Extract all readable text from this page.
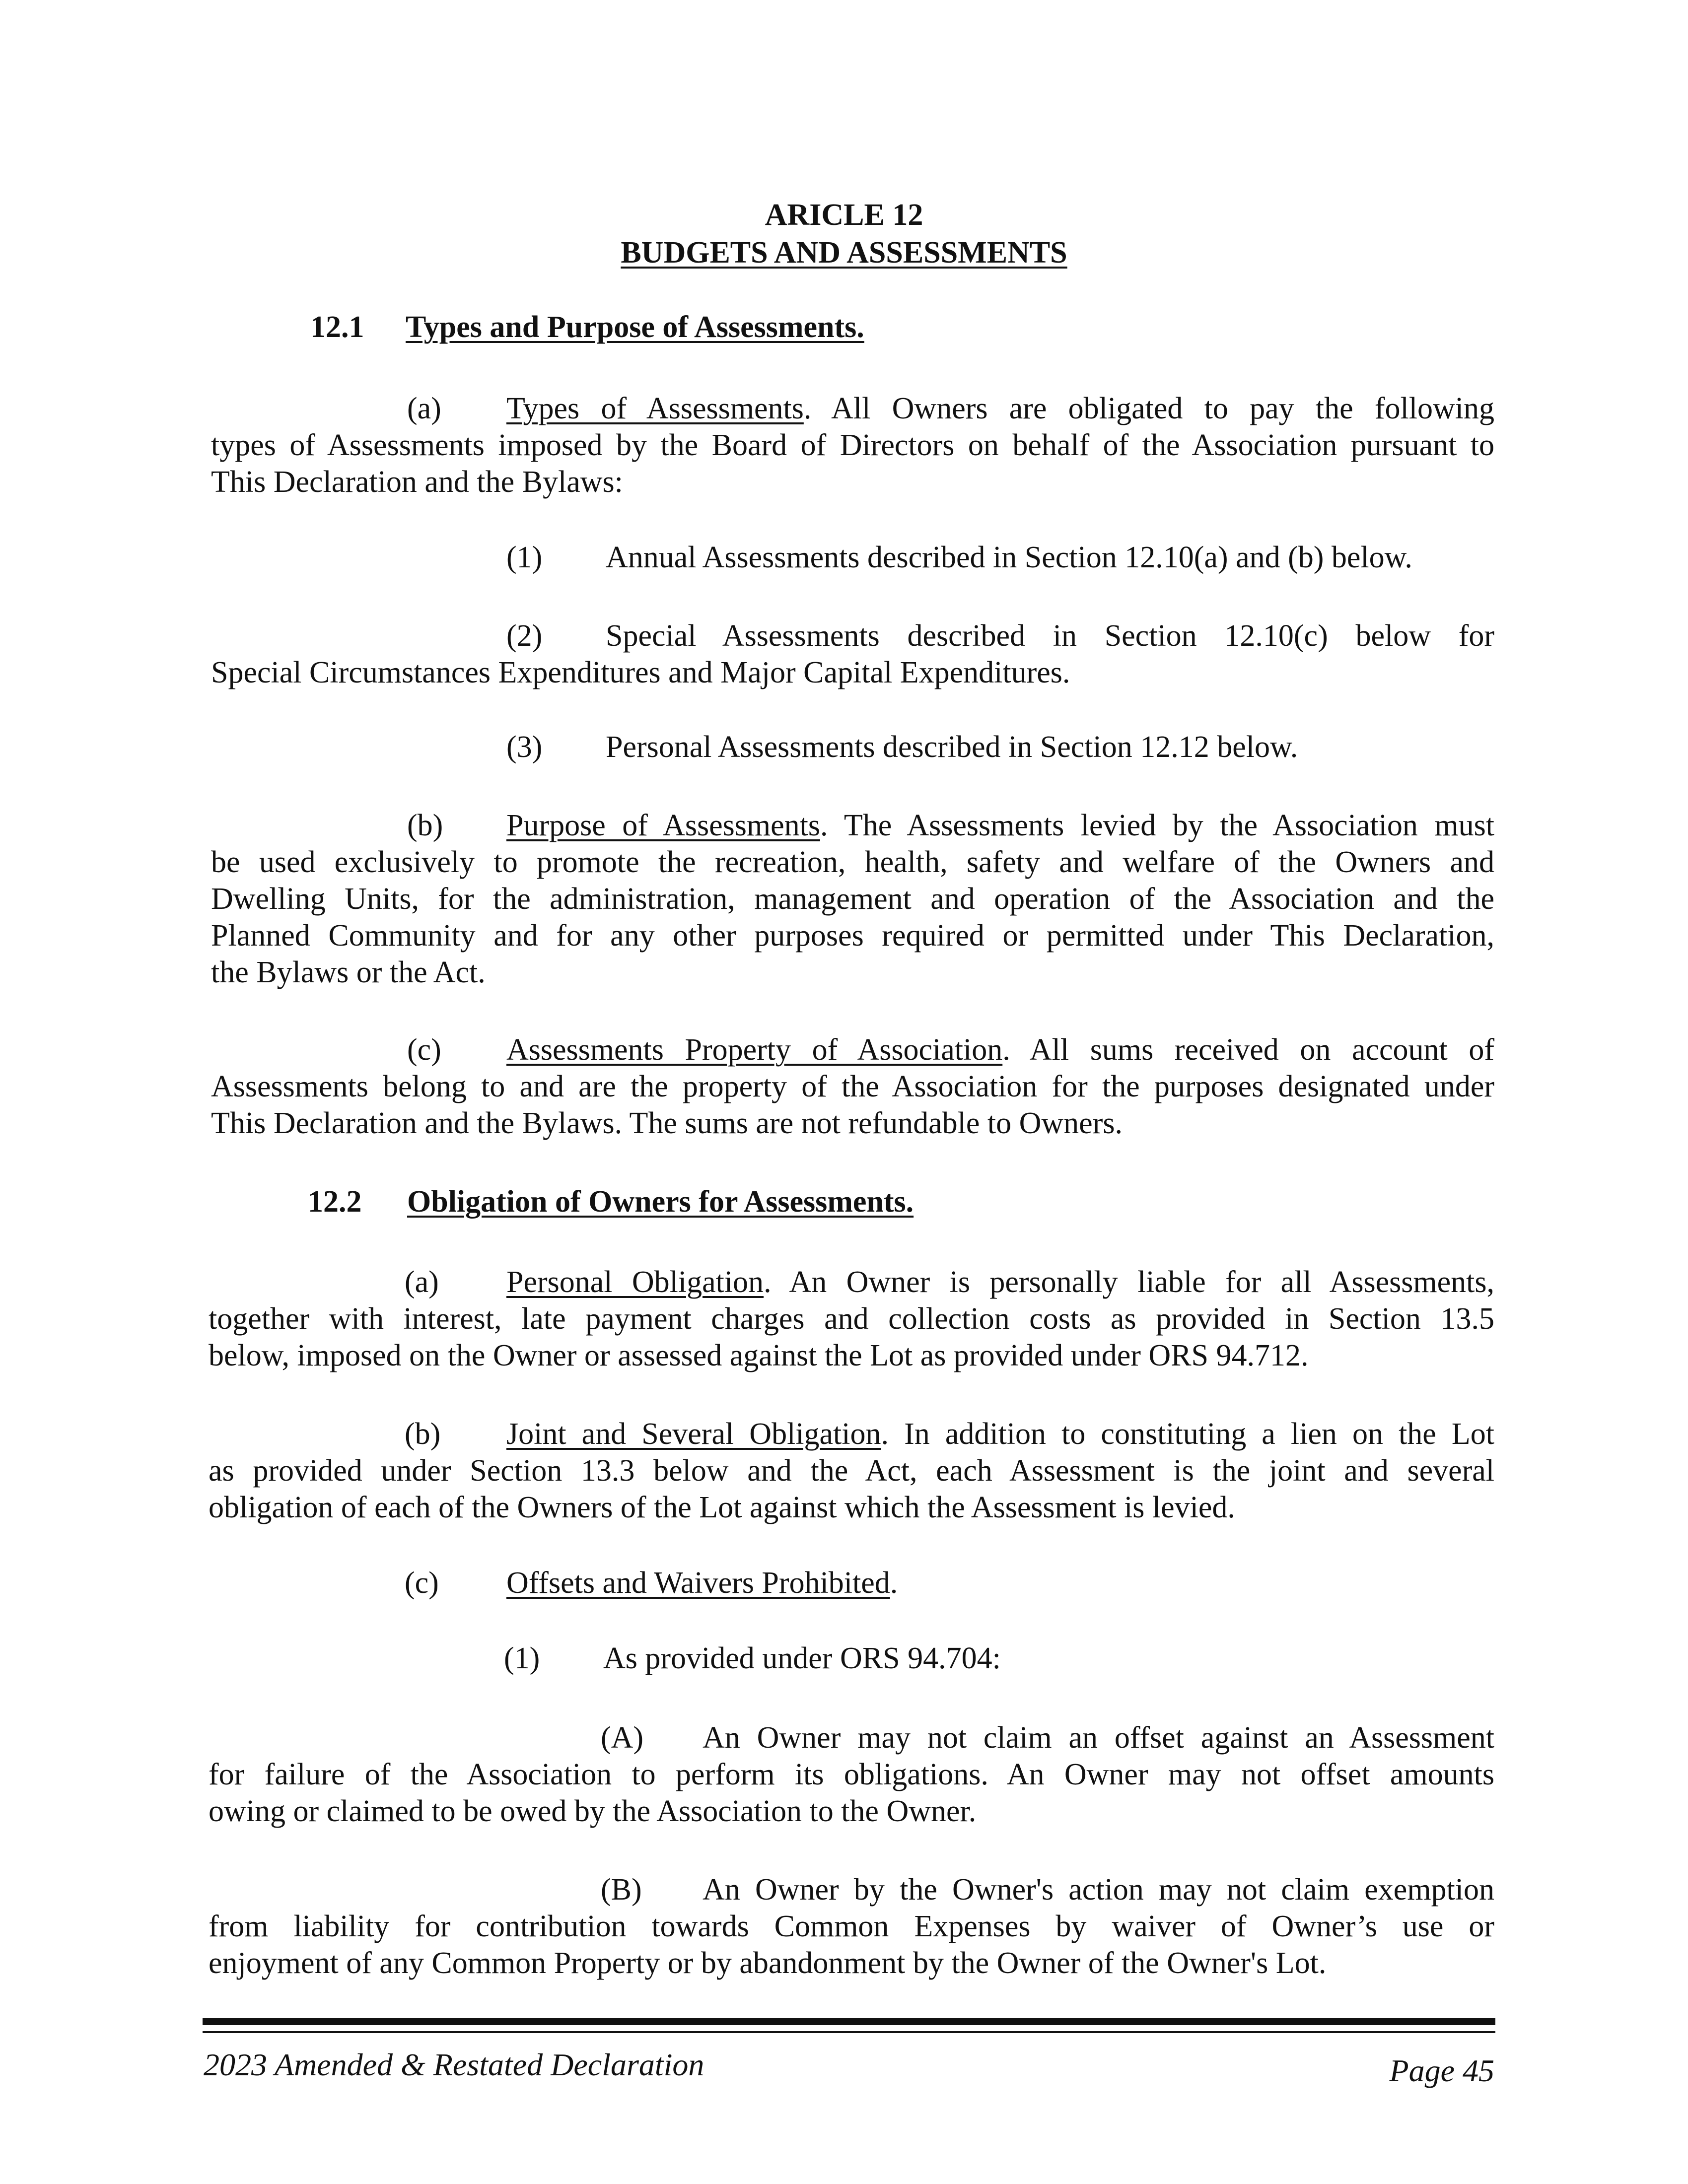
ARICLE 12
BUDGETS AND ASSESSMENTS
12.1 Types and Purpose of Assessments.
(a) Types of Assessments. All Owners are obligated to pay the following
types of Assessments imposed by the Board of Directors on behalf of the Association pursuant to
This Declaration and the Bylaws:
(1) Annual Assessments described in Section 12.10(a) and (b) below.
(2) Special Assessments described in Section 12.10(c) below for
Special Circumstances Expenditures and Major Capital Expenditures.
(3) Personal Assessments described in Section 12.12 below.
(b) Purpose of Assessments. The Assessments levied by the Association must
be used exclusively to promote the recreation, health, safety and welfare of the Owners and
Dwelling Units, for the administration, management and operation of the Association and the
Planned Community and for any other purposes required or permitted under This Declaration,
the Bylaws or the Act.
(c) Assessments Property of Association. All sums received on account of
Assessments belong to and are the property of the Association for the purposes designated under
This Declaration and the Bylaws. The sums are not refundable to Owners.
12.2 Obligation of Owners for Assessments.
(a) Personal Obligation. An Owner is personally liable for all Assessments,
together with interest, late payment charges and collection costs as provided in Section 13.5
below, imposed on the Owner or assessed against the Lot as provided under ORS 94.712.
(b) Joint and Several Obligation. In addition to constituting a lien on the Lot
as provided under Section 13.3 below and the Act, each Assessment is the joint and several
obligation of each of the Owners of the Lot against which the Assessment is levied.
(c) Offsets and Waivers Prohibited.
(1) As provided under ORS 94.704:
(A) An Owner may not claim an offset against an Assessment
for failure of the Association to perform its obligations. An Owner may not offset amounts
owing or claimed to be owed by the Association to the Owner.
(B) An Owner by the Owner's action may not claim exemption
from liability for contribution towards Common Expenses by waiver of Owner’s use or
enjoyment of any Common Property or by abandonment by the Owner of the Owner's Lot.
2023 Amended & Restated Declaration	Page 45
